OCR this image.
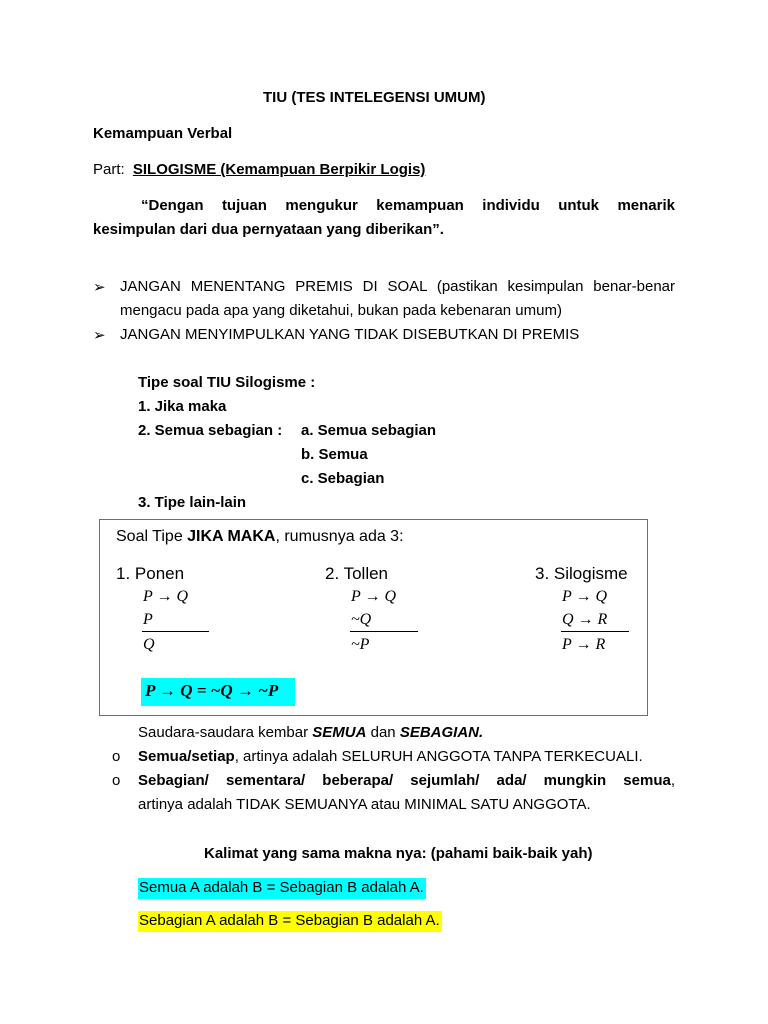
TIU (TES INTELEGENSI UMUM)
Kemampuan Verbal
Part: SILOGISME (Kemampuan Berpikir Logis)
“Dengan tujuan mengukur kemampuan individu untuk menarik
kesimpulan dari dua pernyataan yang diberikan”.
➢ JANGAN MENENTANG PREMIS DI SOAL (pastikan kesimpulan benar-benar
mengacu pada apa yang diketahui, bukan pada kebenaran umum)
➢ JANGAN MENYIMPULKAN YANG TIDAK DISEBUTKAN DI PREMIS
Tipe soal TIU Silogisme :
1. Jika maka
2. Semua sebagian : a. Semua sebagian
b. Semua
c. Sebagian
3. Tipe lain-lain
Soal Tipe JIKA MAKA, rumusnya ada 3:
1. Ponen
P → Q
P
Q
2. Tollen
P → Q
~Q
~P
3. Silogisme
P → Q
Q → R
P → R
P → Q = ~Q → ~P
Saudara-saudara kembar SEMUA dan SEBAGIAN.
o Semua/setiap, artinya adalah SELURUH ANGGOTA TANPA TERKECUALI.
o Sebagian/ sementara/ beberapa/ sejumlah/ ada/ mungkin semua,
artinya adalah TIDAK SEMUANYA atau MINIMAL SATU ANGGOTA.
Kalimat yang sama makna nya: (pahami baik-baik yah)
Semua A adalah B = Sebagian B adalah A.
Sebagian A adalah B = Sebagian B adalah A.
